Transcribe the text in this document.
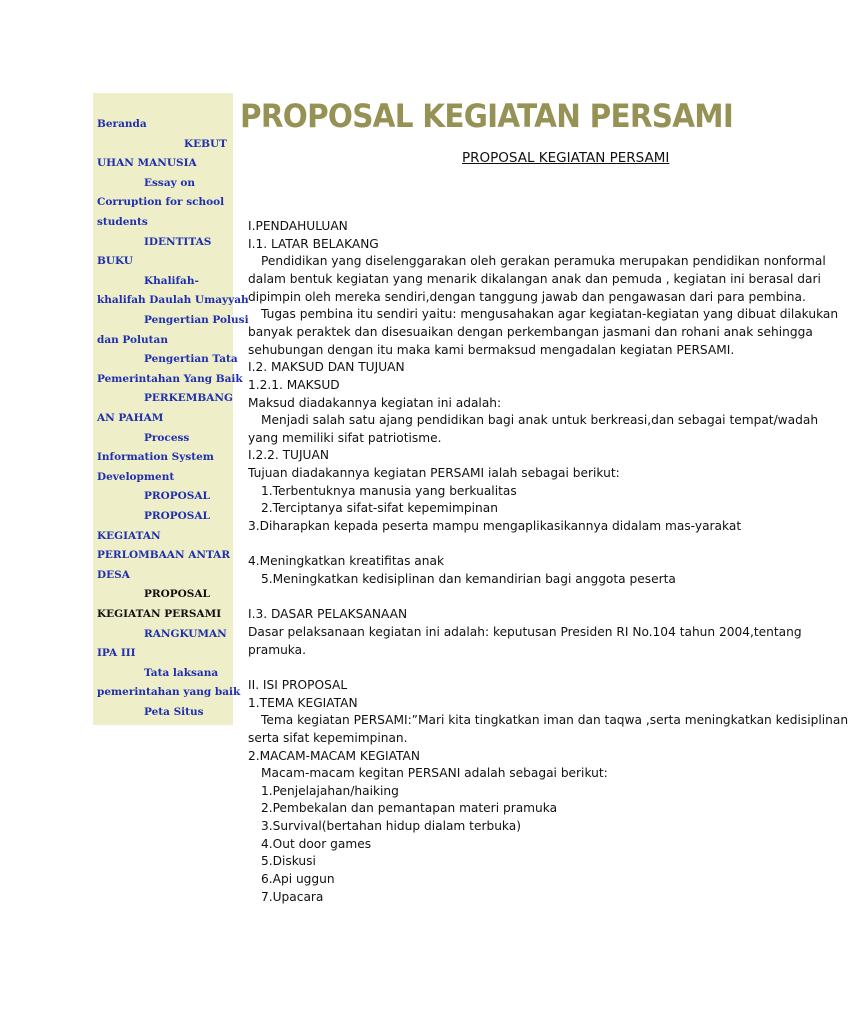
Beranda
KEBUT
UHAN MANUSIA
Essay on
Corruption for school
students
IDENTITAS
BUKU
Khalifah-
khalifah Daulah Umayyah
Pengertian Polusi
dan Polutan
Pengertian Tata
Pemerintahan Yang Baik
PERKEMBANG
AN PAHAM
Process
Information System
Development
PROPOSAL
PROPOSAL
KEGIATAN
PERLOMBAAN ANTAR
DESA
PROPOSAL
KEGIATAN PERSAMI
RANGKUMAN
IPA III
Tata laksana
pemerintahan yang baik
Peta Situs
PROPOSAL KEGIATAN PERSAMI
PROPOSAL KEGIATAN PERSAMI
I.PENDAHULUAN
I.1. LATAR BELAKANG
Pendidikan yang diselenggarakan oleh gerakan peramuka merupakan pendidikan nonformal
dalam bentuk kegiatan yang menarik dikalangan anak dan pemuda , kegiatan ini berasal dari
dipimpin oleh mereka sendiri,dengan tanggung jawab dan pengawasan dari para pembina.
Tugas pembina itu sendiri yaitu: mengusahakan agar kegiatan-kegiatan yang dibuat dilakukan
banyak peraktek dan disesuaikan dengan perkembangan jasmani dan rohani anak sehingga
sehubungan dengan itu maka kami bermaksud mengadalan kegiatan PERSAMI.
I.2. MAKSUD DAN TUJUAN
1.2.1. MAKSUD
Maksud diadakannya kegiatan ini adalah:
Menjadi salah satu ajang pendidikan bagi anak untuk berkreasi,dan sebagai tempat/wadah
yang memiliki sifat patriotisme.
I.2.2. TUJUAN
Tujuan diadakannya kegiatan PERSAMI ialah sebagai berikut:
1.Terbentuknya manusia yang berkualitas
2.Terciptanya sifat-sifat kepemimpinan
3.Diharapkan kepada peserta mampu mengaplikasikannya didalam mas-yarakat
4.Meningkatkan kreatifitas anak
5.Meningkatkan kedisiplinan dan kemandirian bagi anggota peserta
I.3. DASAR PELAKSANAAN
Dasar pelaksanaan kegiatan ini adalah: keputusan Presiden RI No.104 tahun 2004,tentang
pramuka.
II. ISI PROPOSAL
1.TEMA KEGIATAN
Tema kegiatan PERSAMI:”Mari kita tingkatkan iman dan taqwa ,serta meningkatkan kedisiplinan
serta sifat kepemimpinan.
2.MACAM-MACAM KEGIATAN
Macam-macam kegitan PERSANI adalah sebagai berikut:
1.Penjelajahan/haiking
2.Pembekalan dan pemantapan materi pramuka
3.Survival(bertahan hidup dialam terbuka)
4.Out door games
5.Diskusi
6.Api uggun
7.Upacara
